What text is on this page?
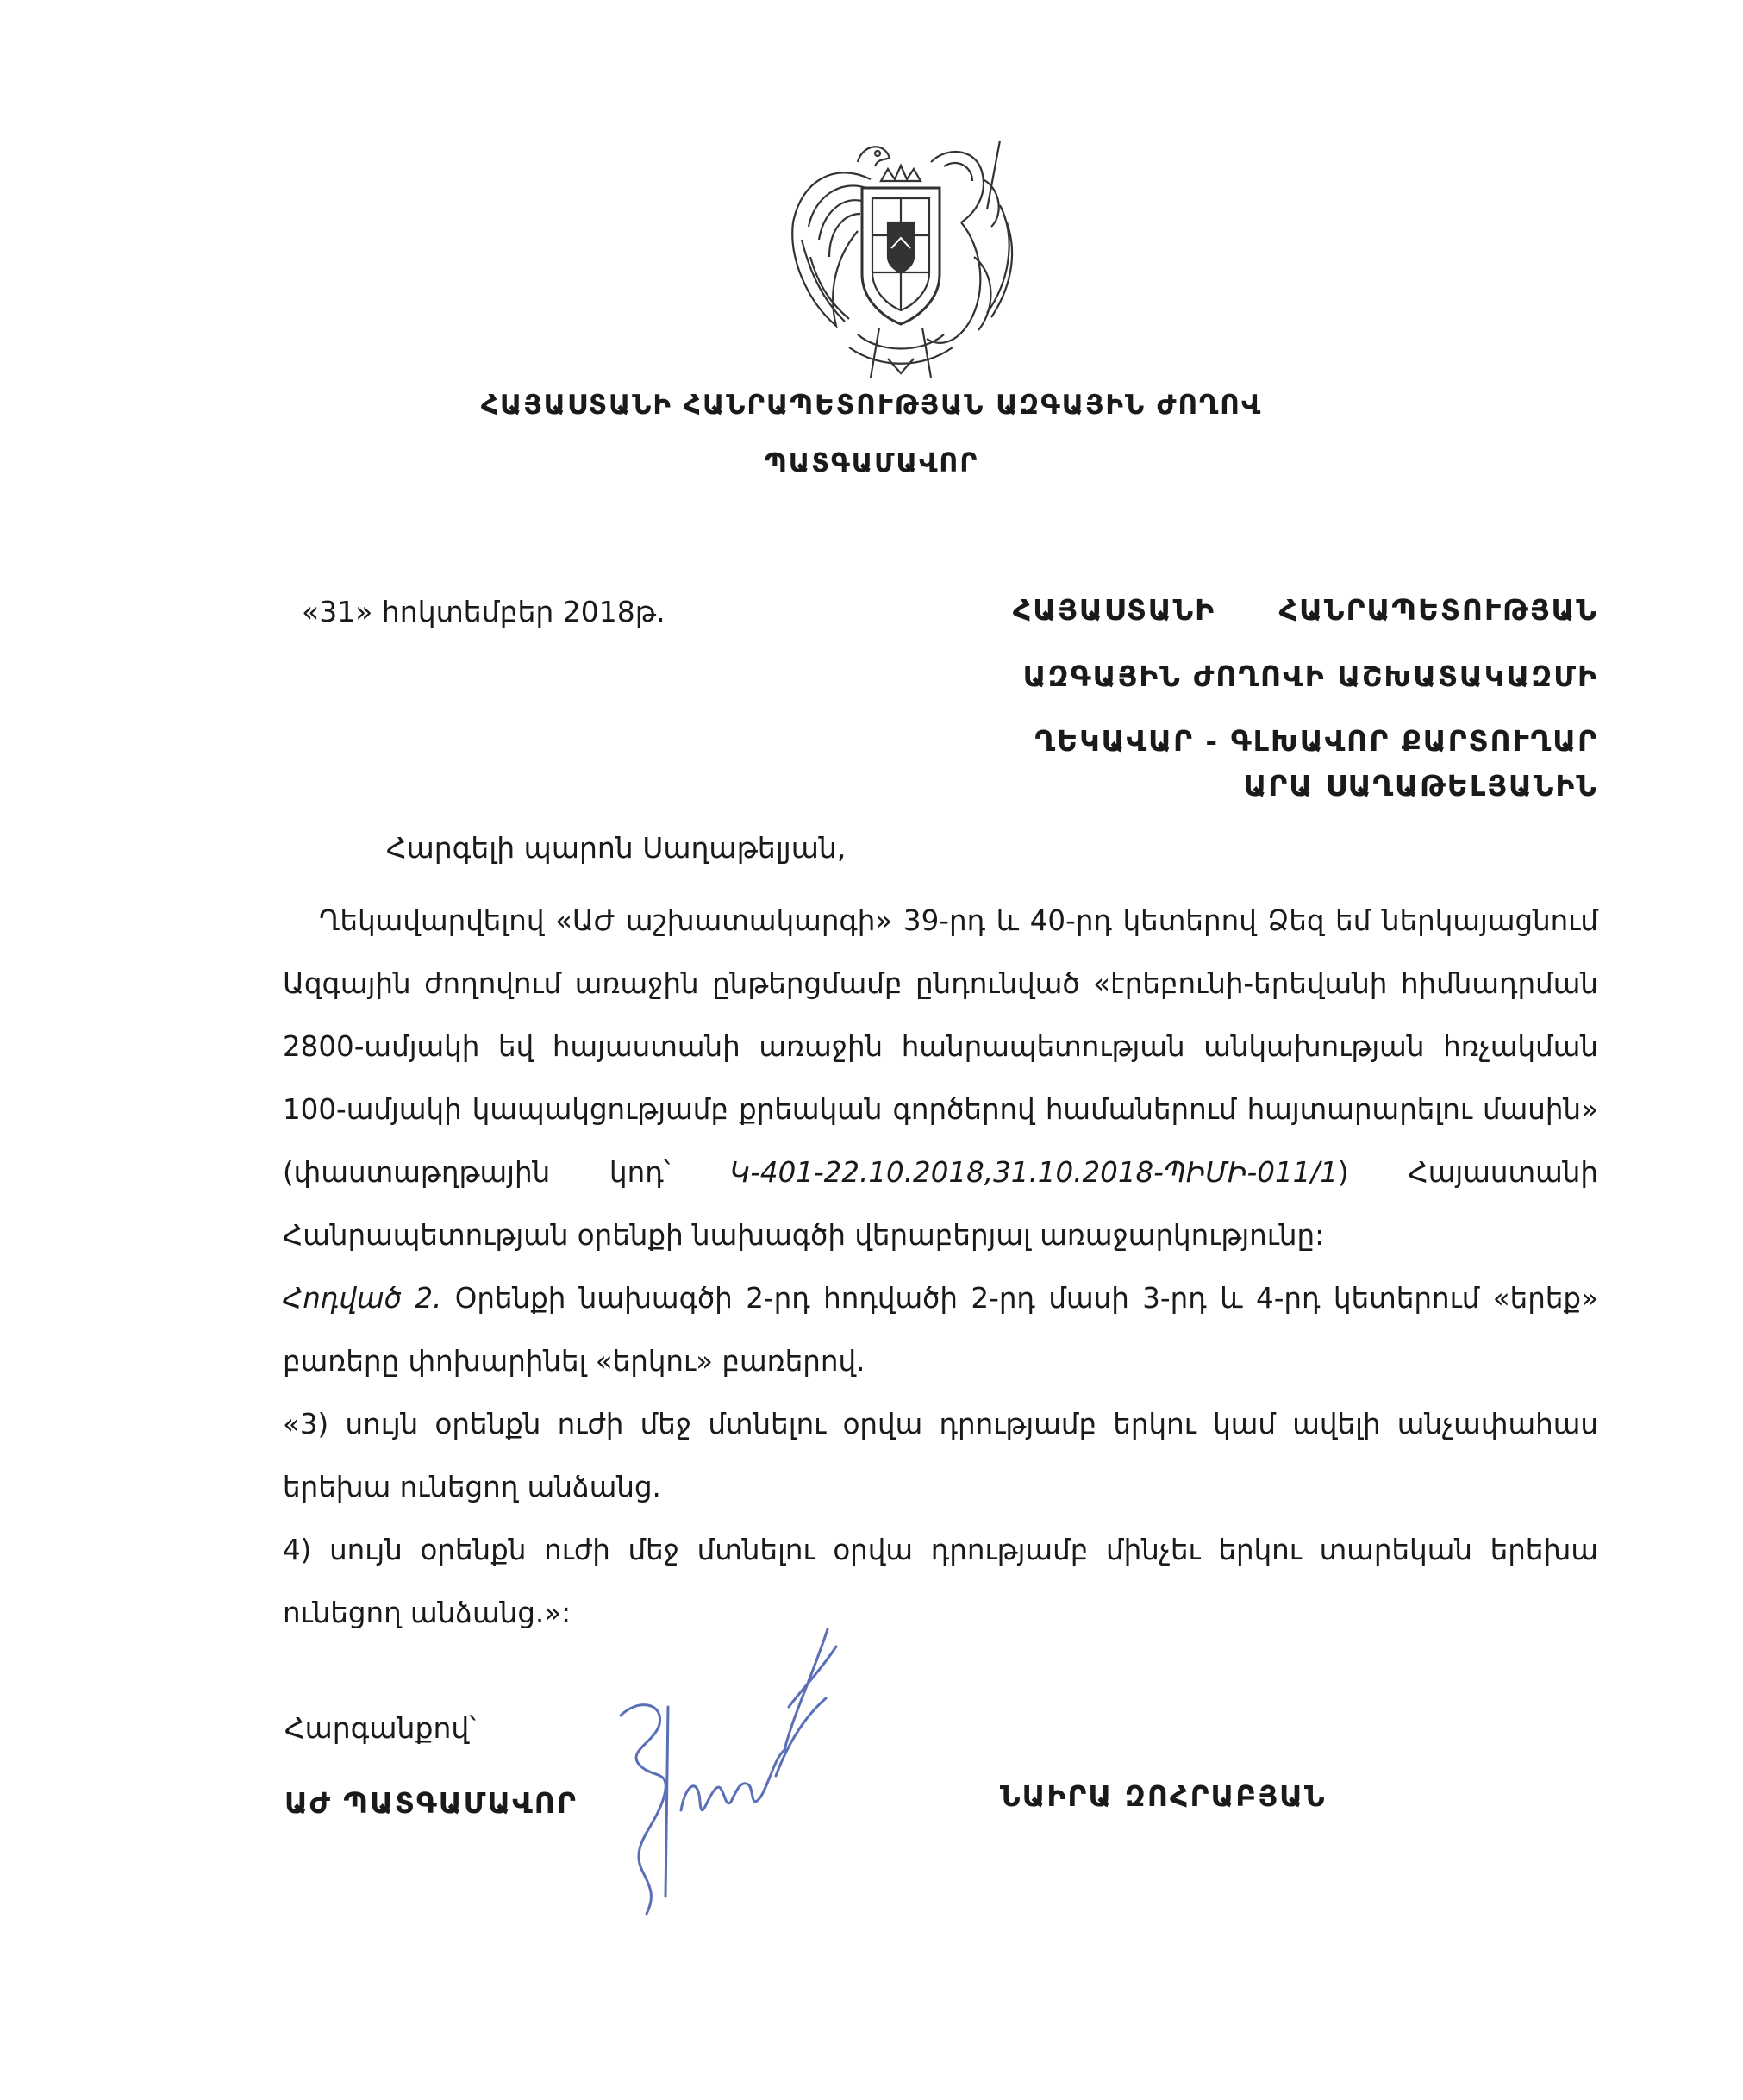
ՀԱՅԱՍՏԱՆԻ ՀԱՆՐԱՊԵՏՈՒԹՅԱՆ ԱԶԳԱՅԻՆ ԺՈՂՈՎ
ՊԱՏԳԱՄԱՎՈՐ
«31» հոկտեմբեր 2018թ.	ՀԱՅԱՍՏԱՆԻ ՀԱՆՐԱՊԵՏՈՒԹՅԱՆ
ԱԶԳԱՅԻՆ ԺՈՂՈՎԻ ԱՇԽԱՏԱԿԱԶՄԻ
ՂԵԿԱՎԱՐ - ԳԼԽԱՎՈՐ ՔԱՐՏՈՒՂԱՐ
ԱՐԱ ՍԱՂԱԹԵԼՅԱՆԻՆ
Հարգելի պարոն Սաղաթելյան,

Ղեկավարվելով «ԱԺ աշխատակարգի» 39-րդ և 40-րդ կետերով Ձեզ եմ ներկայացնում Ազգային ժողովում առաջին ընթերցմամբ ընդունված «էրեբունի-երեվանի հիմնադրման 2800-ամյակի եվ հայաստանի առաջին հանրապետության անկախության հռչակման 100-ամյակի կապակցությամբ քրեական գործերով համաներում հայտարարելու մասին» (փաստաթղթային կոդ՝ Կ-401-22.10.2018,31.10.2018-ՊԻՄԻ-011/1) Հայաստանի Հանրապետության օրենքի նախագծի վերաբերյալ առաջարկությունը:

Հոդված 2. Օրենքի նախագծի 2-րդ հոդվածի 2-րդ մասի 3-րդ և 4-րդ կետերում «երեք» բառերը փոխարինել «երկու» բառերով.

«3) սույն օրենքն ուժի մեջ մտնելու օրվա դրությամբ երկու կամ ավելի անչափահաս երեխա ունեցող անձանց.

4) սույն օրենքն ուժի մեջ մտնելու օրվա դրությամբ մինչեւ երկու տարեկան երեխա ունեցող անձանց.»:

Հարգանքով՝
ԱԺ ՊԱՏԳԱՄԱՎՈՐ	ՆԱԻՐԱ ԶՈՀՐԱԲՅԱՆ
